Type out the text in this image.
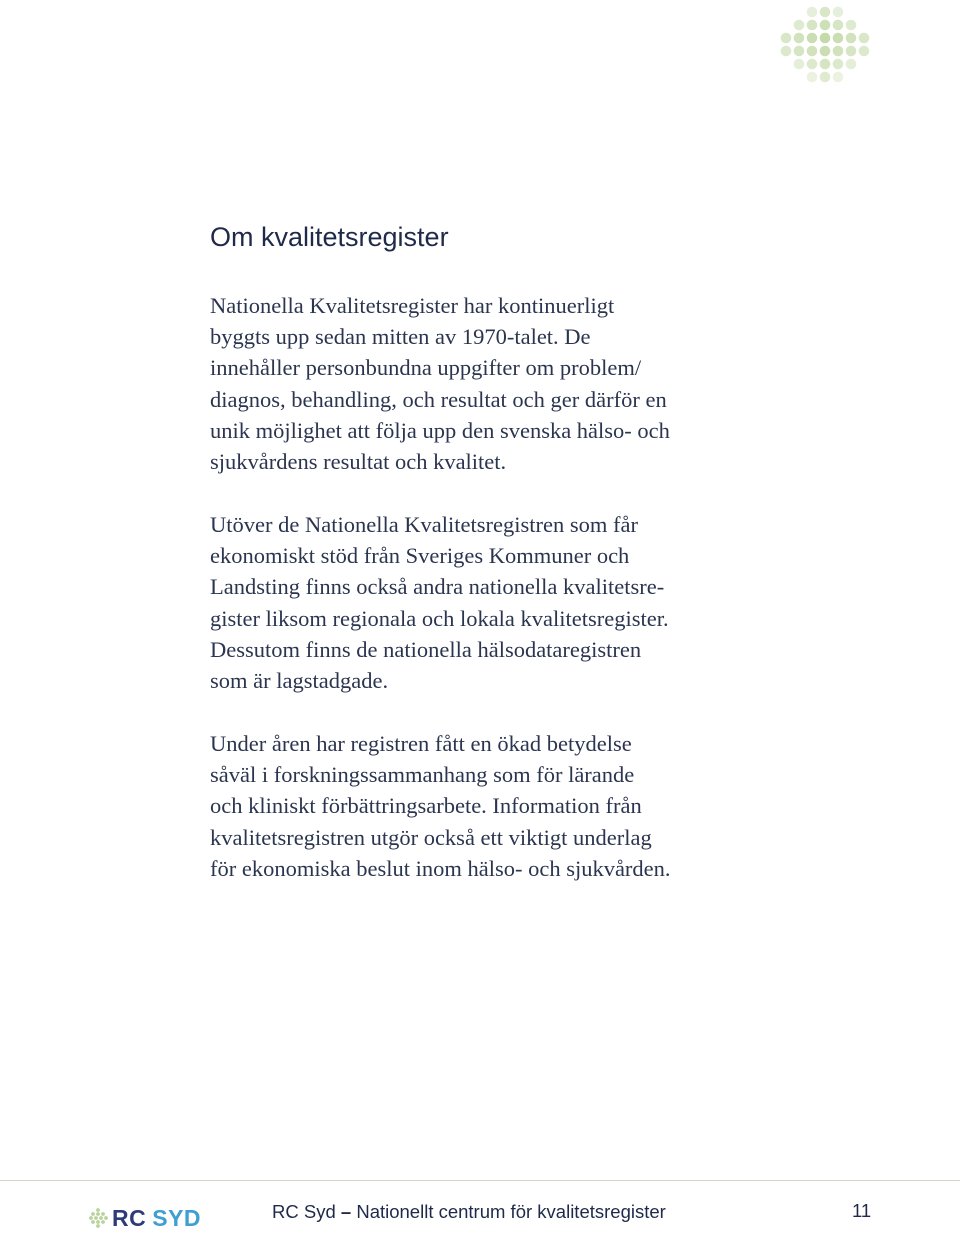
Om kvalitetsregister
Nationella Kvalitetsregister har kontinuerligt
byggts upp sedan mitten av 1970-talet. De
innehåller personbundna uppgifter om problem/
diagnos, behandling, och resultat och ger därför en
unik möjlighet att följa upp den svenska hälso- och
sjukvårdens resultat och kvalitet.
Utöver de Nationella Kvalitetsregistren som får
ekonomiskt stöd från Sveriges Kommuner och
Landsting finns också andra nationella kvalitetsre-
gister liksom regionala och lokala kvalitetsregister.
Dessutom finns de nationella hälsodataregistren
som är lagstadgade.
Under åren har registren fått en ökad betydelse
såväl i forskningssammanhang som för lärande
och kliniskt förbättringsarbete. Information från
kvalitetsregistren utgör också ett viktigt underlag
för ekonomiska beslut inom hälso- och sjukvården.
RC SYD	RC Syd – Nationellt centrum för kvalitetsregister	11
